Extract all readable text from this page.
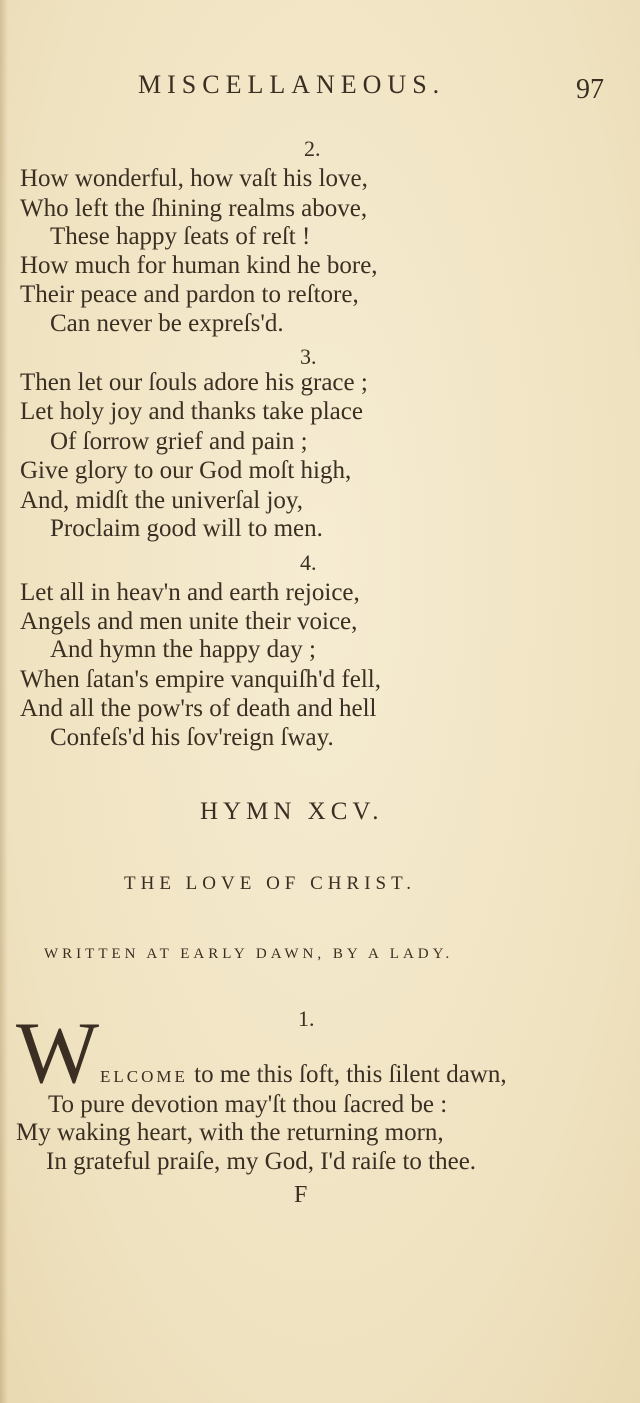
MISCELLANEOUS.	97
2.
How wonderful, how vaſt his love,
Who left the ſhining realms above,
These happy ſeats of reſt !
How much for human kind he bore,
Their peace and pardon to reſtore,
Can never be expreſs'd.
3.
Then let our ſouls adore his grace ;
Let holy joy and thanks take place
Of ſorrow grief and pain ;
Give glory to our God moſt high,
And, midſt the univerſal joy,
Proclaim good will to men.
4.
Let all in heav'n and earth rejoice,
Angels and men unite their voice,
And hymn the happy day ;
When ſatan's empire vanquiſh'd fell,
And all the pow'rs of death and hell
Confeſs'd his ſov'reign ſway.
HYMN XCV.
THE LOVE OF CHRIST.
WRITTEN AT EARLY DAWN, BY A LADY.
1.
W ELCOME to me this ſoft, this ſilent dawn,
To pure devotion may'ſt thou ſacred be :
My waking heart, with the returning morn,
In grateful praiſe, my God, I'd raiſe to thee.
F
